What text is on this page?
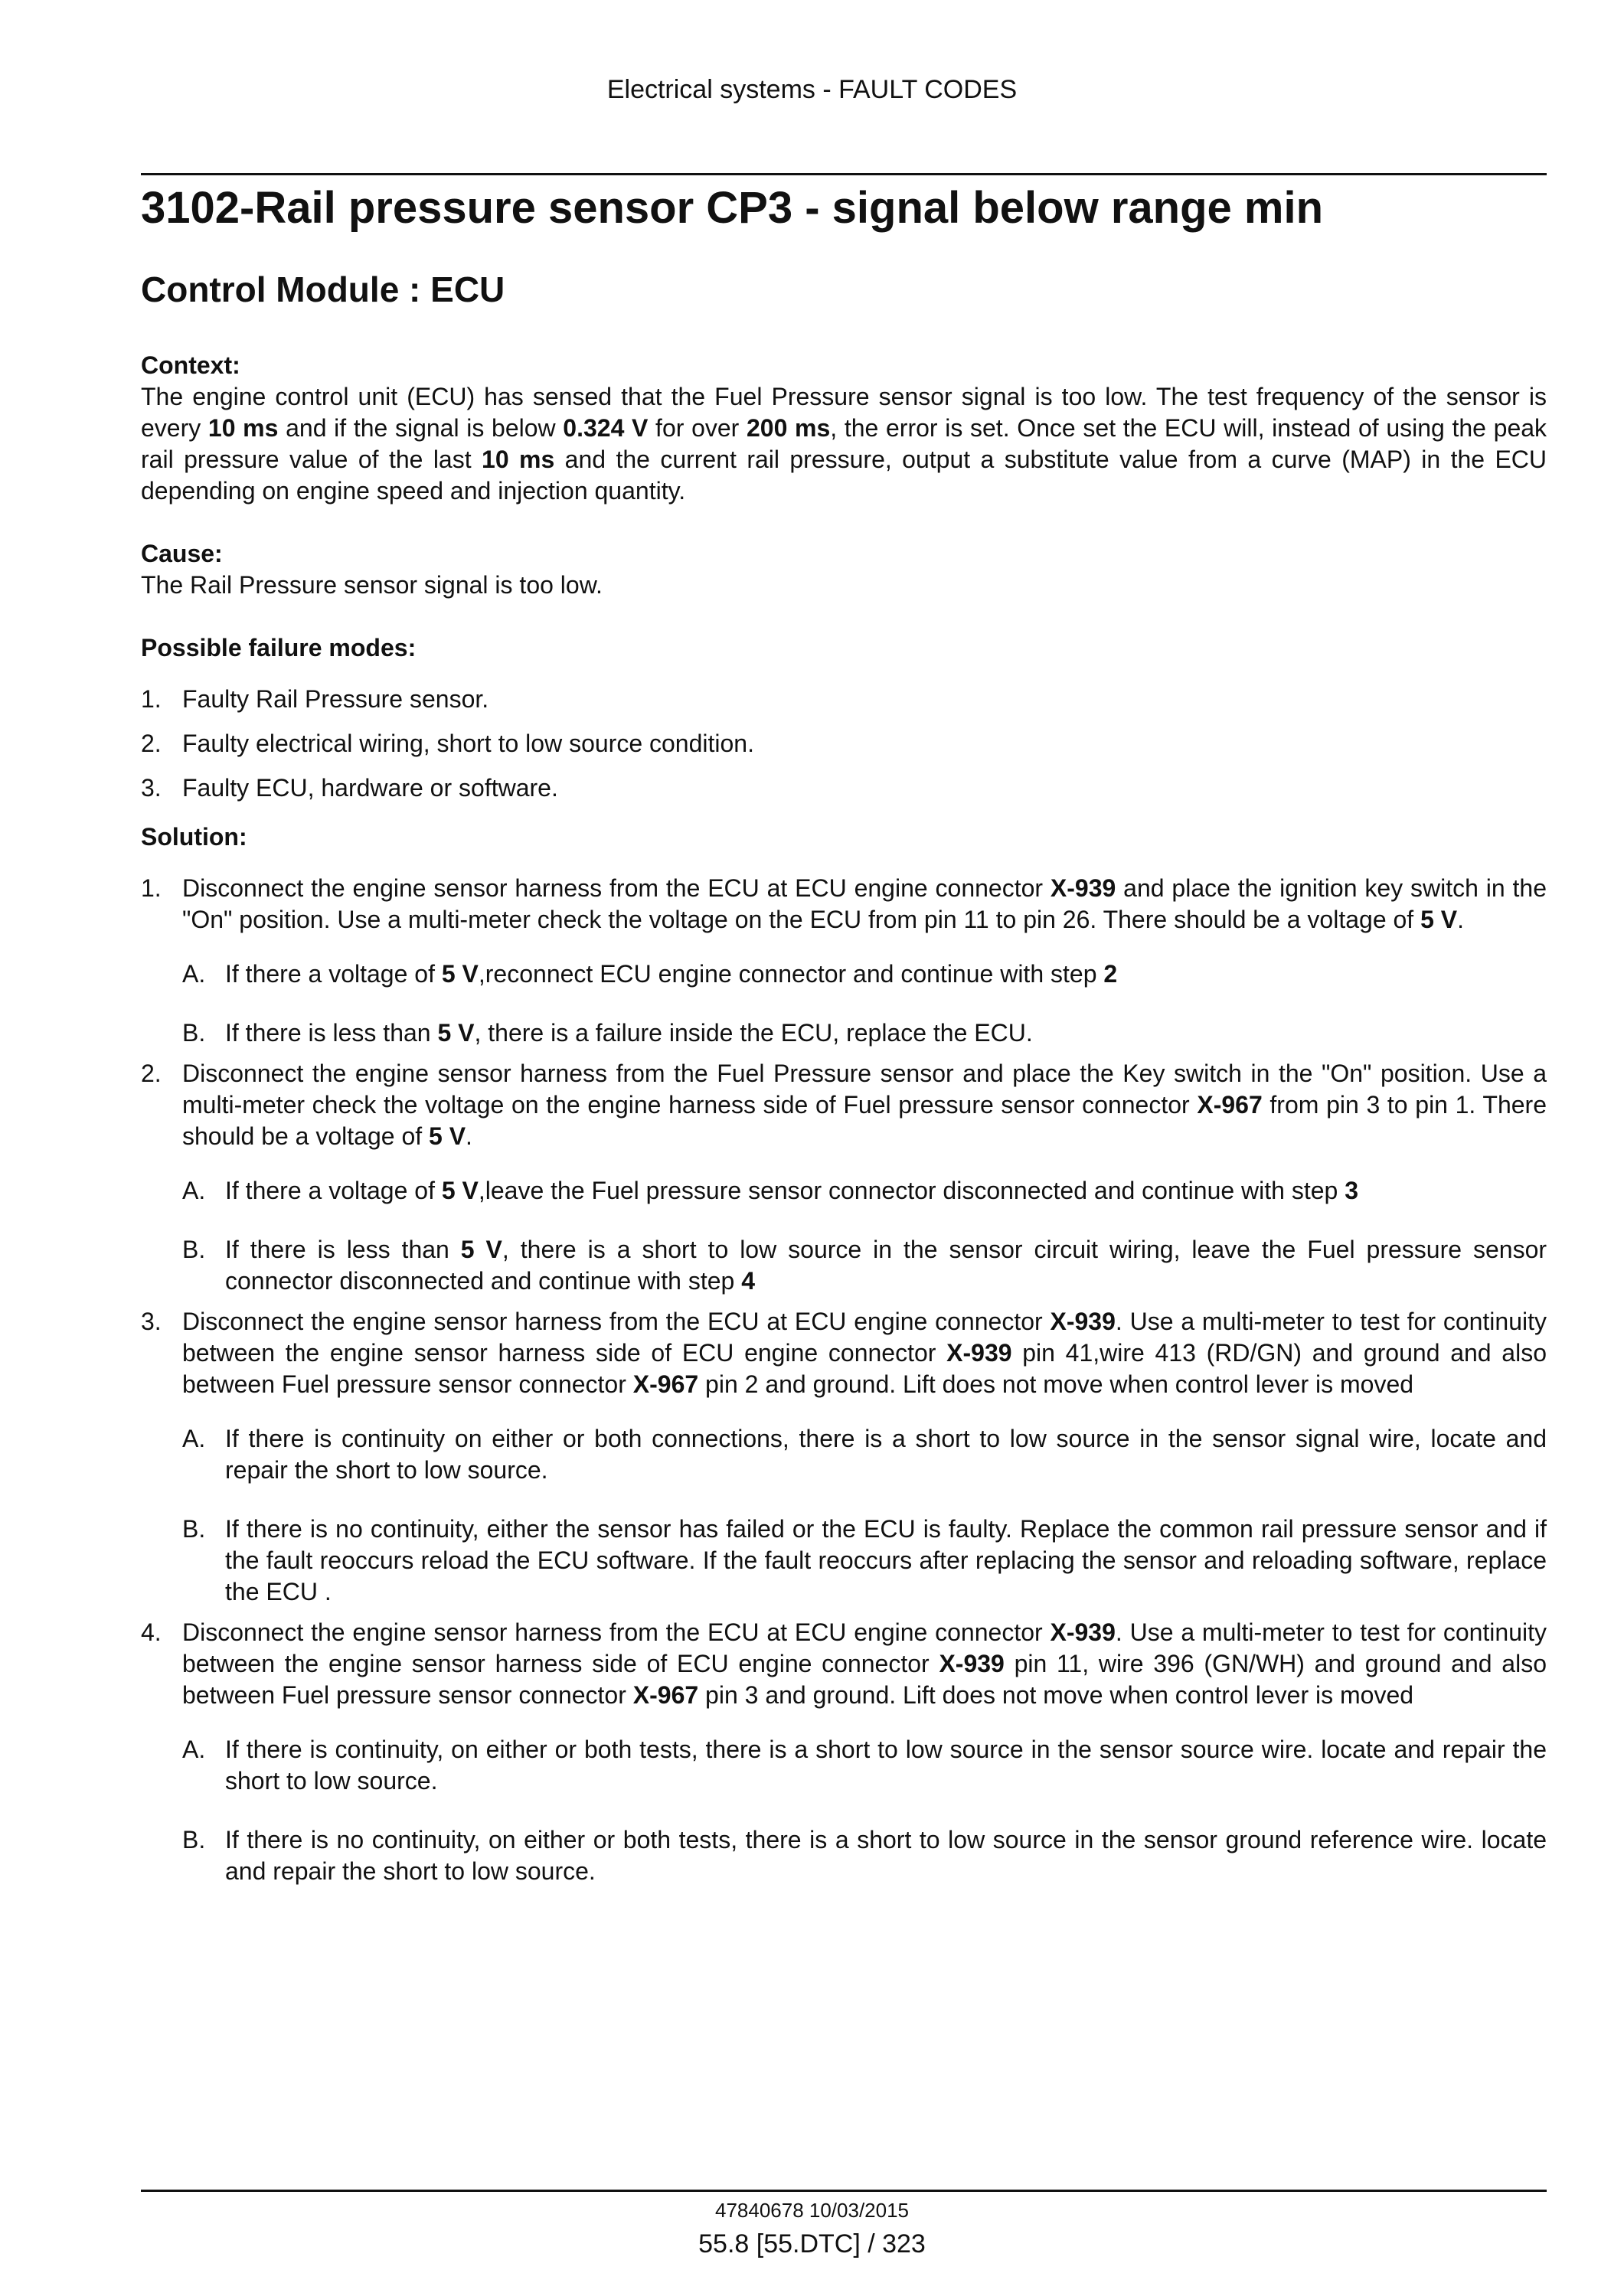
Electrical systems - FAULT CODES
3102-Rail pressure sensor CP3 - signal below range min
Control Module : ECU

Context:

The engine control unit (ECU) has sensed that the Fuel Pressure sensor signal is too low. The test frequency of the sensor is every 10 ms and if the signal is below 0.324 V for over 200 ms, the error is set. Once set the ECU will, instead of using the peak rail pressure value of the last 10 ms and the current rail pressure, output a substitute value from a curve (MAP) in the ECU depending on engine speed and injection quantity.

Cause:

The Rail Pressure sensor signal is too low.

Possible failure modes:

1. Faulty Rail Pressure sensor.
2. Faulty electrical wiring, short to low source condition.
3. Faulty ECU, hardware or software.

Solution:

1. Disconnect the engine sensor harness from the ECU at ECU engine connector X-939 and place the ignition key switch in the "On" position. Use a multi-meter check the voltage on the ECU from pin 11 to pin 26. There should be a voltage of 5 V.
A. If there a voltage of 5 V,reconnect ECU engine connector and continue with step 2
B. If there is less than 5 V, there is a failure inside the ECU, replace the ECU.
2. Disconnect the engine sensor harness from the Fuel Pressure sensor and place the Key switch in the "On" position. Use a multi-meter check the voltage on the engine harness side of Fuel pressure sensor connector X-967 from pin 3 to pin 1. There should be a voltage of 5 V.
A. If there a voltage of 5 V,leave the Fuel pressure sensor connector disconnected and continue with step 3
B. If there is less than 5 V, there is a short to low source in the sensor circuit wiring, leave the Fuel pressure sensor connector disconnected and continue with step 4
3. Disconnect the engine sensor harness from the ECU at ECU engine connector X-939. Use a multi-meter to test for continuity between the engine sensor harness side of ECU engine connector X-939 pin 41,wire 413 (RD/GN) and ground and also between Fuel pressure sensor connector X-967 pin 2 and ground. Lift does not move when control lever is moved
A. If there is continuity on either or both connections, there is a short to low source in the sensor signal wire, locate and repair the short to low source.
B. If there is no continuity, either the sensor has failed or the ECU is faulty. Replace the common rail pressure sensor and if the fault reoccurs reload the ECU software. If the fault reoccurs after replacing the sensor and reloading software, replace the ECU .
4. Disconnect the engine sensor harness from the ECU at ECU engine connector X-939. Use a multi-meter to test for continuity between the engine sensor harness side of ECU engine connector X-939 pin 11, wire 396 (GN/WH) and ground and also between Fuel pressure sensor connector X-967 pin 3 and ground. Lift does not move when control lever is moved
A. If there is continuity, on either or both tests, there is a short to low source in the sensor source wire. locate and repair the short to low source.
B. If there is no continuity, on either or both tests, there is a short to low source in the sensor ground reference wire. locate and repair the short to low source.
47840678 10/03/2015
55.8 [55.DTC] / 323
